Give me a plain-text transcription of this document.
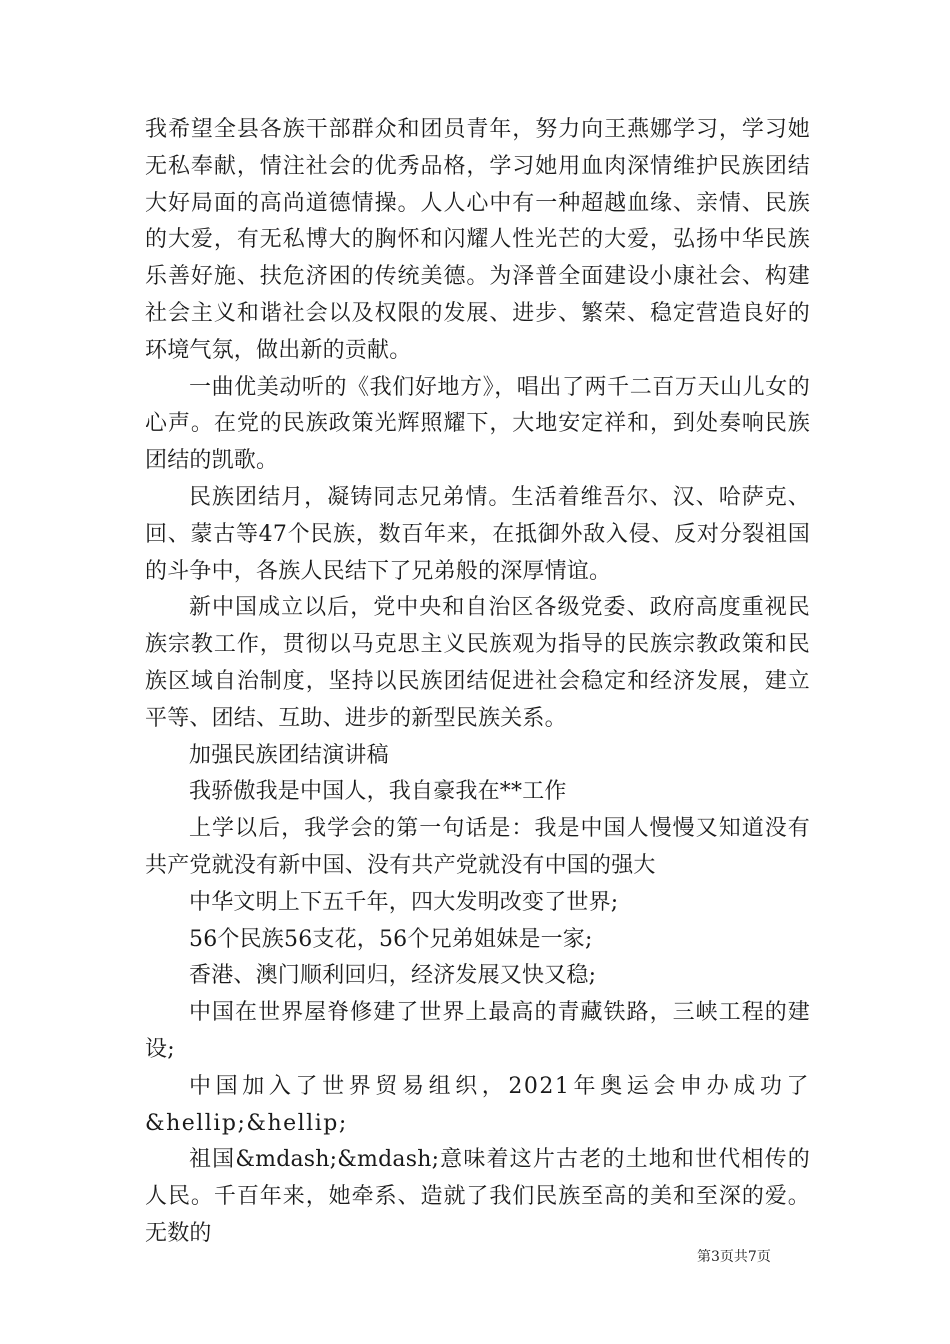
我希望全县各族干部群众和团员青年，努力向王燕娜学习，学习她无私奉献，情注社会的优秀品格，学习她用血肉深情维护民族团结大好局面的高尚道德情操。人人心中有一种超越血缘、亲情、民族的大爱，有无私博大的胸怀和闪耀人性光芒的大爱，弘扬中华民族乐善好施、扶危济困的传统美德。为泽普全面建设小康社会、构建社会主义和谐社会以及权限的发展、进步、繁荣、稳定营造良好的环境气氛，做出新的贡献。

一曲优美动听的《我们好地方》，唱出了两千二百万天山儿女的心声。在党的民族政策光辉照耀下，大地安定祥和，到处奏响民族团结的凯歌。

民族团结月，凝铸同志兄弟情。生活着维吾尔、汉、哈萨克、回、蒙古等47个民族，数百年来，在抵御外敌入侵、反对分裂祖国的斗争中，各族人民结下了兄弟般的深厚情谊。

新中国成立以后，党中央和自治区各级党委、政府高度重视民族宗教工作，贯彻以马克思主义民族观为指导的民族宗教政策和民族区域自治制度，坚持以民族团结促进社会稳定和经济发展，建立平等、团结、互助、进步的新型民族关系。

加强民族团结演讲稿

我骄傲我是中国人，我自豪我在**工作

上学以后，我学会的第一句话是：我是中国人慢慢又知道没有共产党就没有新中国、没有共产党就没有中国的强大

中华文明上下五千年，四大发明改变了世界;

56个民族56支花，56个兄弟姐妹是一家;

香港、澳门顺利回归，经济发展又快又稳;

中国在世界屋脊修建了世界上最高的青藏铁路，三峡工程的建设;

中国加入了世界贸易组织，2021年奥运会申办成功了&hellip;&hellip;

祖国&mdash;&mdash;意味着这片古老的土地和世代相传的人民。千百年来，她牵系、造就了我们民族至高的美和至深的爱。无数的

第3页共7页
